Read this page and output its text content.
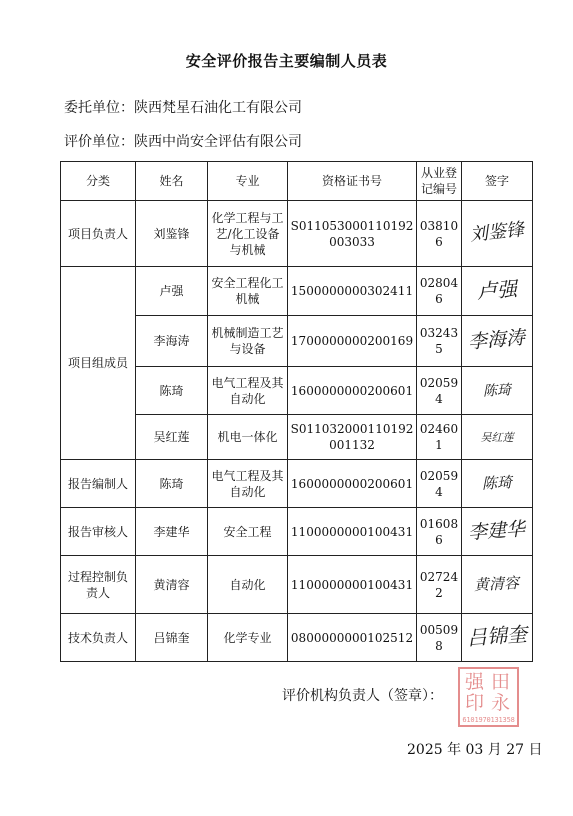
安全评价报告主要编制人员表
委托单位：陕西梵星石油化工有限公司
评价单位：陕西中尚安全评估有限公司
分类	姓名	专业	资格证书号	从业登记编号	签字
项目负责人	刘鉴锋	化学工程与工艺/化工设备与机械	S011053000110192003033	038106	刘鉴锋
项目组成员	卢强	安全工程化工机械	1500000000302411	028046	卢强
	李海涛	机械制造工艺与设备	1700000000200169	032435	李海涛
	陈琦	电气工程及其自动化	1600000000200601	020594	陈琦
	吴红莲	机电一体化	S011032000110192001132	024601	吴红莲
报告编制人	陈琦	电气工程及其自动化	1600000000200601	020594	陈琦
报告审核人	李建华	安全工程	1100000000100431	016086	李建华
过程控制负责人	黄清容	自动化	1100000000100431	027242	黄清容
技术负责人	吕锦奎	化学专业	0800000000102512	005098	吕锦奎
强 田
印 永
6101970131358
评价机构负责人（签章）：
2025 年 03 月 27 日
